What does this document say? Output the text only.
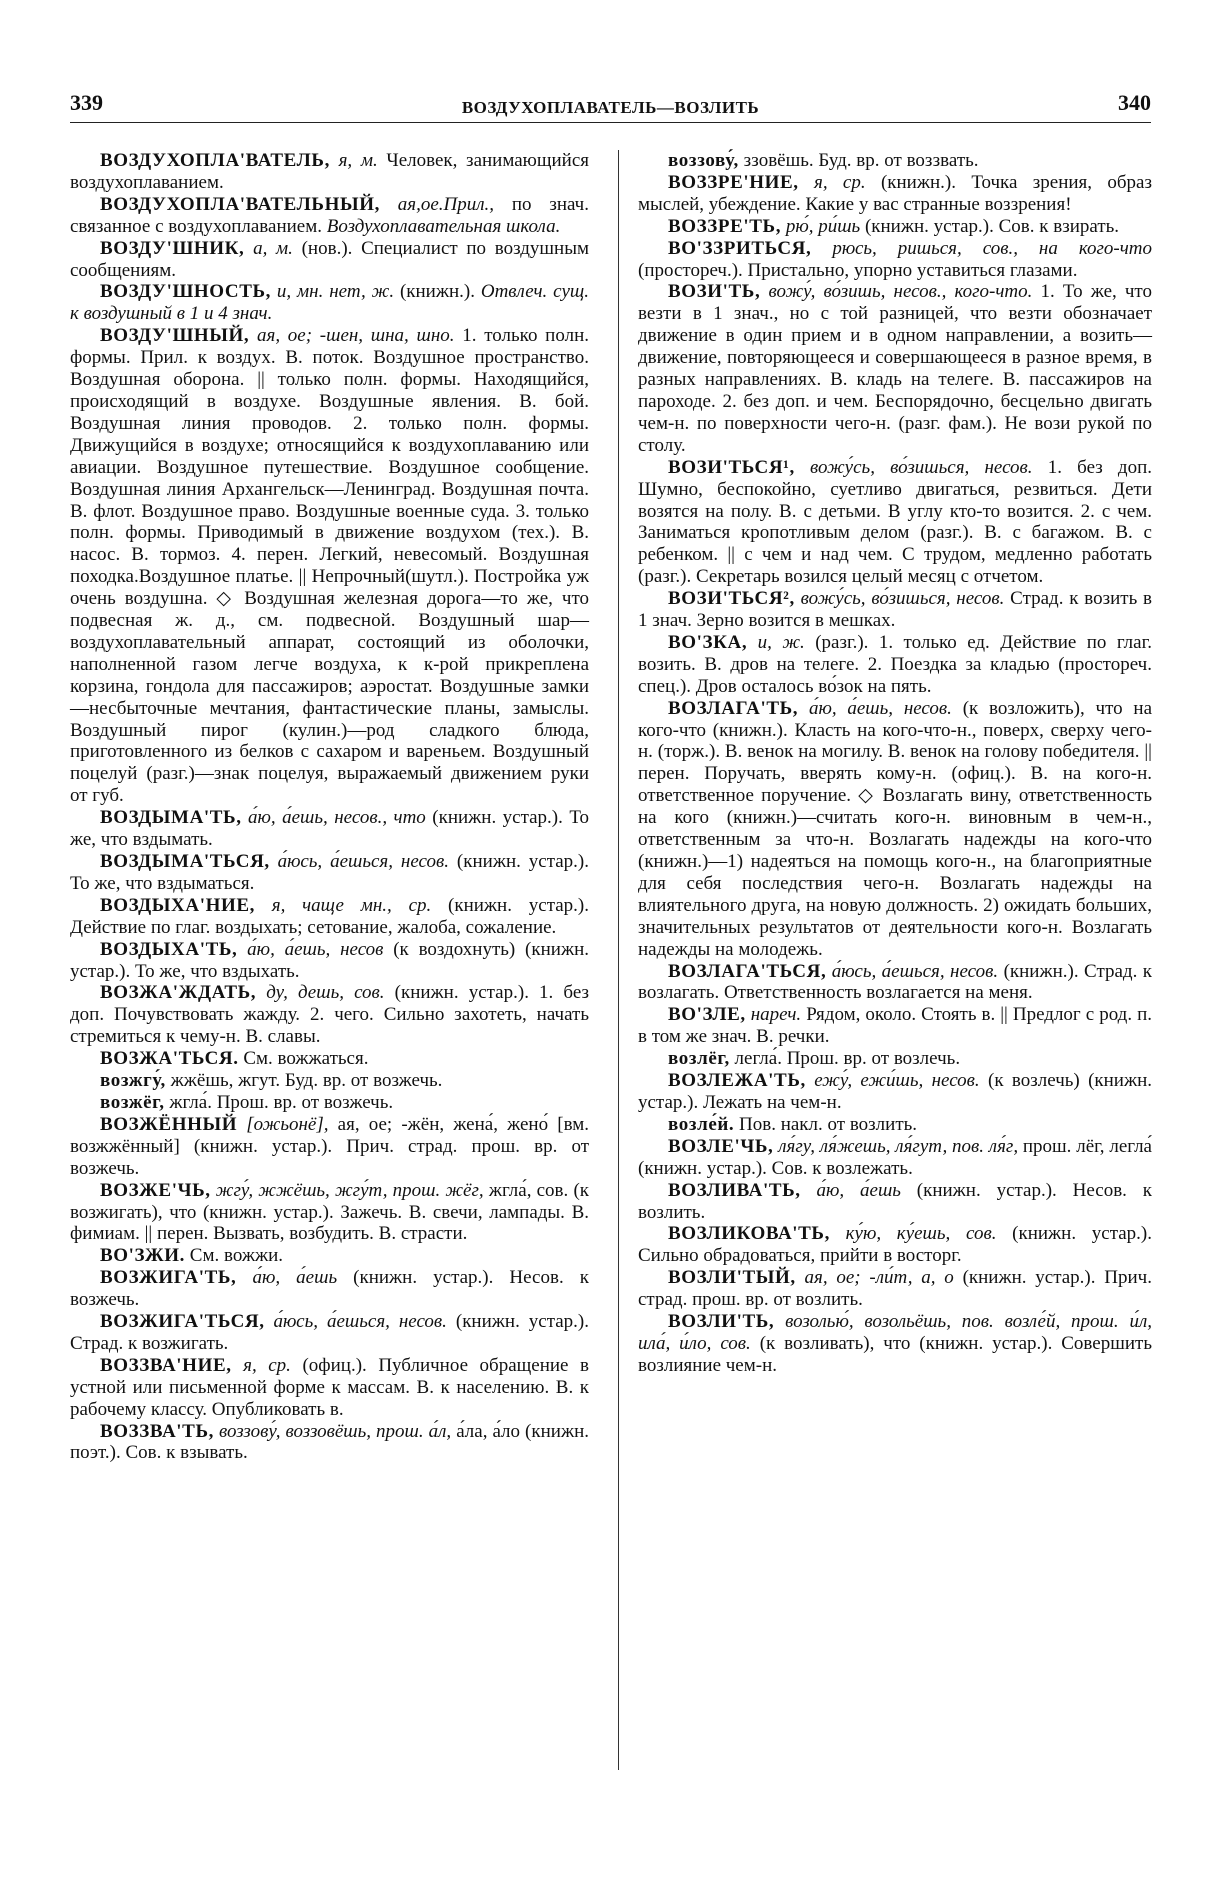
339	ВОЗДУХОПЛАВАТЕЛЬ—ВОЗЛИТЬ	340

ВОЗДУХОПЛА'ВАТЕЛЬ, я, м. Человек, занимающийся воздухоплаванием.

ВОЗДУХОПЛА'ВАТЕЛЬНЫЙ, ая,ое.Прил., по знач. связанное с воздухоплаванием. Воздухоплавательная школа.

ВОЗДУ'ШНИК, а, м. (нов.). Специалист по воздушным сообщениям.

ВОЗДУ'ШНОСТЬ, и, мн. нет, ж. (книжн.). Отвлеч. сущ. к воздушный в 1 и 4 знач.

ВОЗДУ'ШНЫЙ, ая, ое; -шен, шна, шно. 1. только полн. формы. Прил. к воздух. В. поток. Воздушное пространство. Воздушная оборона. || только полн. формы. Находящийся, происходящий в воздухе. Воздушные явления. В. бой. Воздушная линия проводов. 2. только полн. формы. Движущийся в воздухе; относящийся к воздухоплаванию или авиации. Воздушное путешествие. Воздушное сообщение. Воздушная линия Архангельск—Ленинград. Воздушная почта. В. флот. Воздушное право. Воздушные военные суда. 3. только полн. формы. Приводимый в движение воздухом (тех.). В. насос. В. тормоз. 4. перен. Легкий, невесомый. Воздушная походка.Воздушное платье. || Непрочный(шутл.). Постройка уж очень воздушна. ◇ Воздушная железная дорога—то же, что подвесная ж. д., см. подвесной. Воздушный шар—воздухоплавательный аппарат, состоящий из оболочки, наполненной газом легче воздуха, к к-рой прикреплена корзина, гондола для пассажиров; аэростат. Воздушные замки—несбыточные мечтания, фантастические планы, замыслы. Воздушный пирог (кулин.)—род сладкого блюда, приготовленного из белков с сахаром и вареньем. Воздушный поцелуй (разг.)—знак поцелуя, выражаемый движением руки от губ.

ВОЗДЫМА'ТЬ, а́ю, а́ешь, несов., что (книжн. устар.). То же, что вздымать.

ВОЗДЫМА'ТЬСЯ, а́юсь, а́ешься, несов. (книжн. устар.). То же, что вздыматься.

ВОЗДЫХА'НИЕ, я, чаще мн., ср. (книжн. устар.). Действие по глаг. воздыхать; сетование, жалоба, сожаление.

ВОЗДЫХА'ТЬ, а́ю, а́ешь, несов (к воздохнуть) (книжн. устар.). То же, что вздыхать.

ВОЗЖА'ЖДАТЬ, ду, дешь, сов. (книжн. устар.). 1. без доп. Почувствовать жажду. 2. чего. Сильно захотеть, начать стремиться к чему-н. В. славы.

ВОЗЖА'ТЬСЯ. См. вожжаться.

возжгу́, жжёшь, жгут. Буд. вр. от возжечь.

возжёг, жгла́. Прош. вр. от возжечь.

ВОЗЖЁННЫЙ [ожьонё], ая, ое; -жён, жена́, жено́ [вм. возжжённый] (книжн. устар.). Прич. страд. прош. вр. от возжечь.

ВОЗЖЕ'ЧЬ, жгу́, жжёшь, жгу́т, прош. жёг, жгла́, сов. (к возжигать), что (книжн. устар.). Зажечь. В. свечи, лампады. В. фимиам. || перен. Вызвать, возбудить. В. страсти.

ВО'ЗЖИ. См. вожжи.

ВОЗЖИГА'ТЬ, а́ю, а́ешь (книжн. устар.). Несов. к возжечь.

ВОЗЖИГА'ТЬСЯ, а́юсь, а́ешься, несов. (книжн. устар.). Страд. к возжигать.

ВОЗЗВА'НИЕ, я, ср. (офиц.). Публичное обращение в устной или письменной форме к массам. В. к населению. В. к рабочему классу. Опубликовать в.

ВОЗЗВА'ТЬ, воззову́, воззовёшь, прош. а́л, а́ла, а́ло (книжн. поэт.). Сов. к взывать.

воззову́, ззовёшь. Буд. вр. от воззвать.

ВОЗЗРЕ'НИЕ, я, ср. (книжн.). Точка зрения, образ мыслей, убеждение. Какие у вас странные воззрения!

ВОЗЗРЕ'ТЬ, рю́, ри́шь (книжн. устар.). Сов. к взирать.

ВО'ЗЗРИТЬСЯ, рюсь, ришься, сов., на кого-что (простореч.). Пристально, упорно уставиться глазами.

ВОЗИ'ТЬ, вожу́, во́зишь, несов., кого-что. 1. То же, что везти в 1 знач., но с той разницей, что везти обозначает движение в один прием и в одном направлении, а возить—движение, повторяющееся и совершающееся в разное время, в разных направлениях. В. кладь на телеге. В. пассажиров на пароходе. 2. без доп. и чем. Беспорядочно, бесцельно двигать чем-н. по поверхности чего-н. (разг. фам.). Не вози рукой по столу.

ВОЗИ'ТЬСЯ¹, вожу́сь, во́зишься, несов. 1. без доп. Шумно, беспокойно, суетливо двигаться, резвиться. Дети возятся на полу. В. с детьми. В углу кто-то возится. 2. с чем. Заниматься кропотливым делом (разг.). В. с багажом. В. с ребенком. || с чем и над чем. С трудом, медленно работать (разг.). Секретарь возился целый месяц с отчетом.

ВОЗИ'ТЬСЯ², вожу́сь, во́зишься, несов. Страд. к возить в 1 знач. Зерно возится в мешках.

ВО'ЗКА, и, ж. (разг.). 1. только ед. Действие по глаг. возить. В. дров на телеге. 2. Поездка за кладью (простореч. спец.). Дров осталось во́зок на пять.

ВОЗЛАГА'ТЬ, а́ю, а́ешь, несов. (к возложить), что на кого-что (книжн.). Класть на кого-что-н., поверх, сверху чего-н. (торж.). В. венок на могилу. В. венок на голову победителя. || перен. Поручать, вверять кому-н. (офиц.). В. на кого-н. ответственное поручение. ◇ Возлагать вину, ответственность на кого (книжн.)—считать кого-н. виновным в чем-н., ответственным за что-н. Возлагать надежды на кого-что (книжн.)—1) надеяться на помощь кого-н., на благоприятные для себя последствия чего-н. Возлагать надежды на влиятельного друга, на новую должность. 2) ожидать больших, значительных результатов от деятельности кого-н. Возлагать надежды на молодежь.

ВОЗЛАГА'ТЬСЯ, а́юсь, а́ешься, несов. (книжн.). Страд. к возлагать. Ответственность возлагается на меня.

ВО'ЗЛЕ, нареч. Рядом, около. Стоять в. || Предлог с род. п. в том же знач. В. речки.

возлёг, легла́. Прош. вр. от возлечь.

ВОЗЛЕЖА'ТЬ, ежу́, ежи́шь, несов. (к возлечь) (книжн. устар.). Лежать на чем-н.

возле́й. Пов. накл. от возлить.

ВОЗЛЕ'ЧЬ, ля́гу, ля́жешь, ля́гут, пов. ля́г, прош. лёг, легла́ (книжн. устар.). Сов. к возлежать.

ВОЗЛИВА'ТЬ, а́ю, а́ешь (книжн. устар.). Несов. к возлить.

ВОЗЛИКОВА'ТЬ, ку́ю, ку́ешь, сов. (книжн. устар.). Сильно обрадоваться, прийти в восторг.

ВОЗЛИ'ТЫЙ, ая, ое; -ли́т, а, о (книжн. устар.). Прич. страд. прош. вр. от возлить.

ВОЗЛИ'ТЬ, возолью́, возольёшь, пов. возле́й, прош. и́л, ила́, и́ло, сов. (к возливать), что (книжн. устар.). Совершить возлияние чем-н.
